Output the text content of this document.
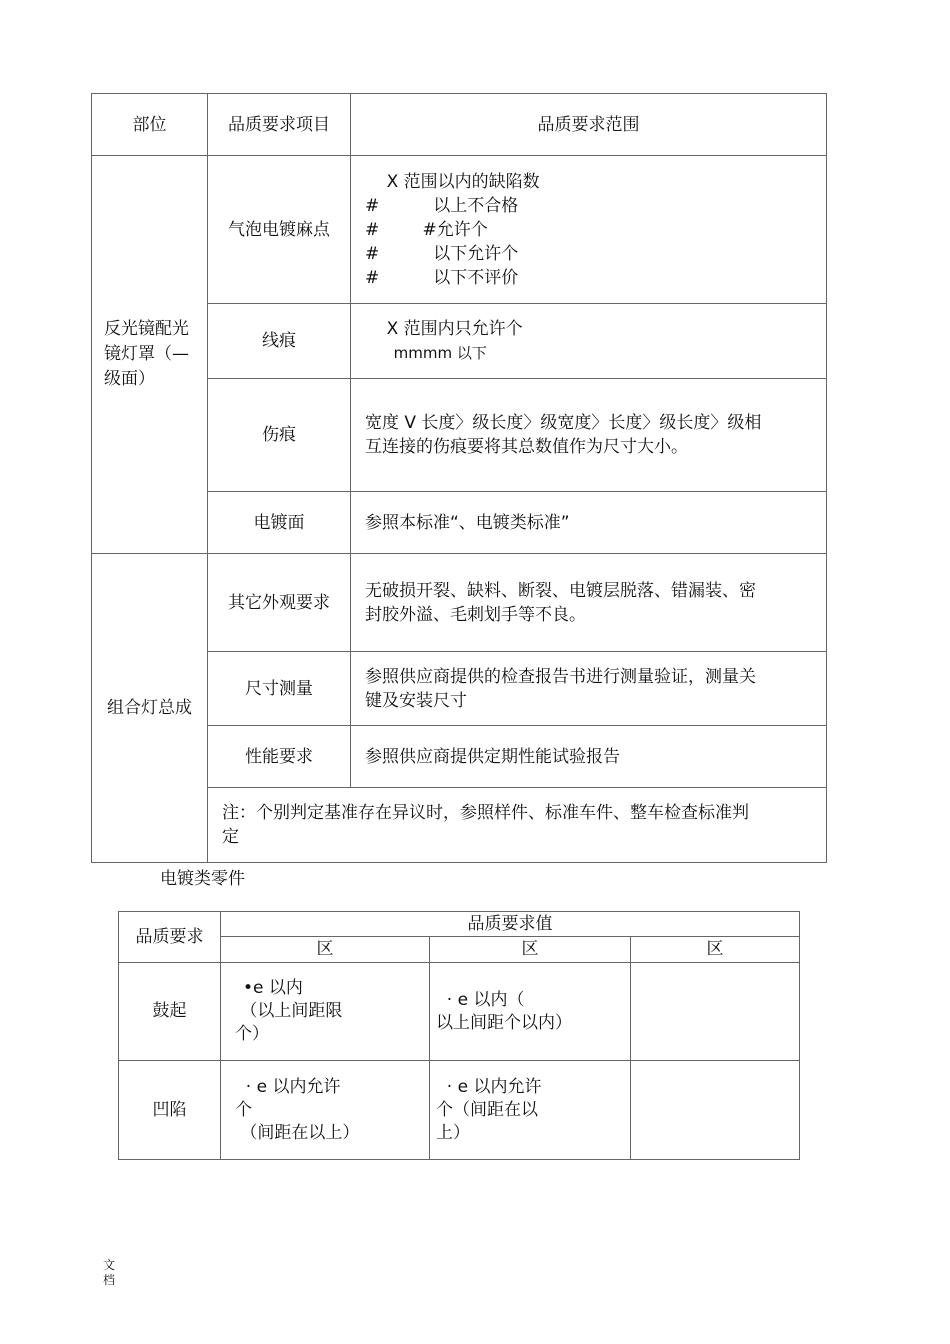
部位	品质要求项目	品质要求范围
反光镜配光镜灯罩（—级面）	气泡电镀麻点	X 范围以内的缺陷数
#          以上不合格
#        #允许个
#          以下允许个
#          以下不评价

	线痕	X 范围内只允许个
mmmm 以下

	伤痕	宽度 V 长度〉级长度〉级宽度〉长度〉级长度〉级相
互连接的伤痕要将其总数值作为尺寸大小。

	电镀面	参照本标准“、电镀类标准”

组合灯总成	其它外观要求	无破损开裂、缺料、断裂、电镀层脱落、错漏装、密
封胶外溢、毛刺划手等不良。

	尺寸测量	参照供应商提供的检查报告书进行测量验证，测量关
键及安装尺寸

	性能要求	参照供应商提供定期性能试验报告

	注：个别判定基准存在异议时，参照样件、标准车件、整车检查标准判
定	
电镀类零件
品质要求	品质要求值		
	区	区	区
鼓起	•e 以内
（以上间距限
个）	· e 以内（
以上间距个以内）	

凹陷	· e 以内允许
个
（间距在以上）	· e 以内允许
个（间距在以
上）	

文
档
